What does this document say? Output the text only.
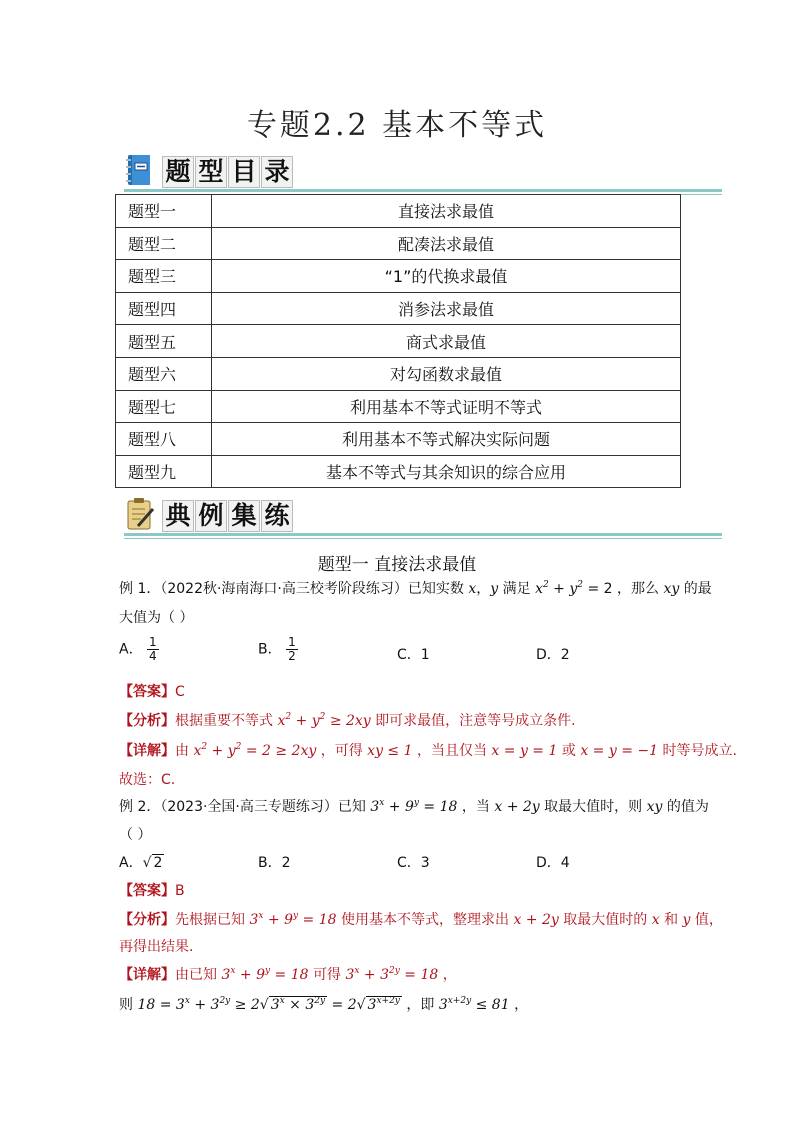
专题2.2 基本不等式
题 型 目 录
题型一	直接法求最值
题型二	配凑法求最值
题型三	“1”的代换求最值
题型四	消参法求最值
题型五	商式求最值
题型六	对勾函数求最值
题型七	利用基本不等式证明不等式
题型八	利用基本不等式解决实际问题
题型九	基本不等式与其余知识的综合应用
典 例 集 练
题型一 直接法求最值
例 1．（2022秋·海南海口·高三校考阶段练习）已知实数 x，y 满足 $x^2 + y^2 = 2$ ，那么 xy 的最
大值为（ ）
A． $\frac{1}{4}$	B． $\frac{1}{2}$	C．1	D．2
【答案】C
【分析】根据重要不等式 $x^2 + y^2 \ge 2xy$ 即可求最值，注意等号成立条件.
【详解】由 $x^2 + y^2 = 2 \ge 2xy$ ，可得 xy ≤ 1 ，当且仅当 x = y = 1 或 x = y = −1 时等号成立.
故选：C.
例 2．（2023·全国·高三专题练习）已知 $3^x + 9^y = 18$ ，当 x + 2y 取最大值时，则 xy 的值为
（ ）
A．√ 2	B．2	C．3	D．4
【答案】B
【分析】先根据已知 $3^x + 9^y = 18$ 使用基本不等式，整理求出 x + 2y 取最大值时的 x 和 y 值，
再得出结果.
【详解】由已知 $3^x + 9^y = 18$ 可得 $3^x + 3^{2y} = 18$ ，
则 $18 = 3^x + 3^{2y} \ge 2√$ $3^x \times 3^{2y} = 2√$ $3^{x+2y}$ ，即 $3^{x+2y} \le 81$ ，
